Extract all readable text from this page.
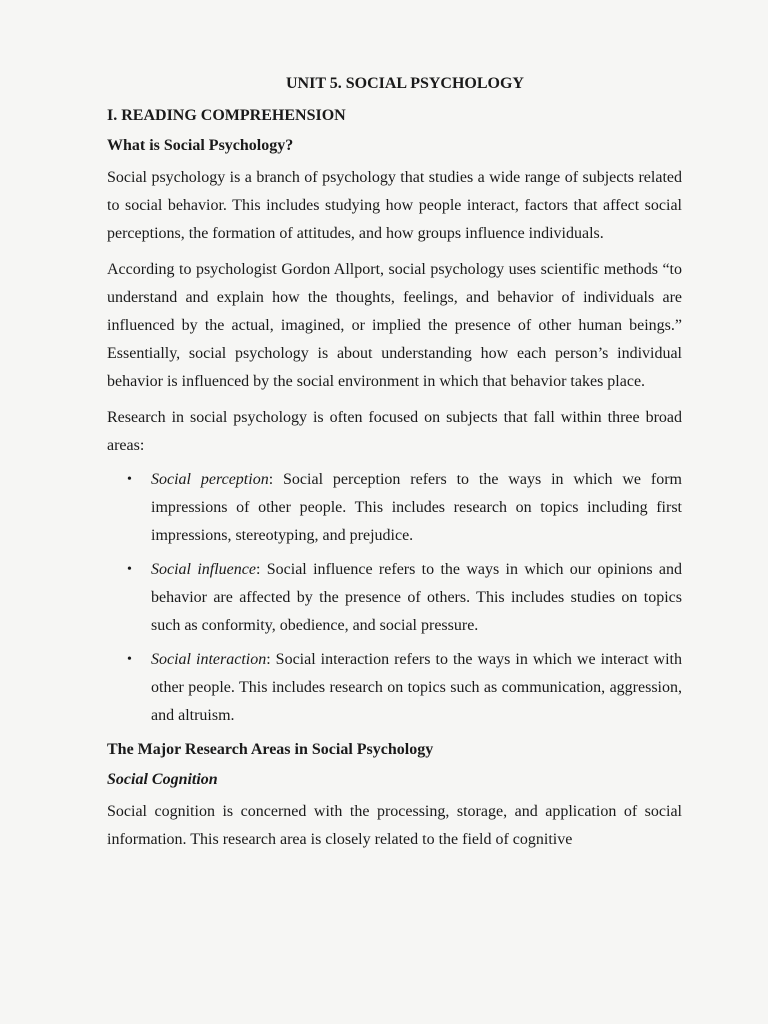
UNIT 5. SOCIAL PSYCHOLOGY
I. READING COMPREHENSION
What is Social Psychology?

Social psychology is a branch of psychology that studies a wide range of subjects related to social behavior. This includes studying how people interact, factors that affect social perceptions, the formation of attitudes, and how groups influence individuals.

According to psychologist Gordon Allport, social psychology uses scientific methods “to understand and explain how the thoughts, feelings, and behavior of individuals are influenced by the actual, imagined, or implied the presence of other human beings.” Essentially, social psychology is about understanding how each person’s individual behavior is influenced by the social environment in which that behavior takes place.

Research in social psychology is often focused on subjects that fall within three broad areas:

• Social perception: Social perception refers to the ways in which we form impressions of other people. This includes research on topics including first impressions, stereotyping, and prejudice.
• Social influence: Social influence refers to the ways in which our opinions and behavior are affected by the presence of others. This includes studies on topics such as conformity, obedience, and social pressure.
• Social interaction: Social interaction refers to the ways in which we interact with other people. This includes research on topics such as communication, aggression, and altruism.
The Major Research Areas in Social Psychology
Social Cognition

Social cognition is concerned with the processing, storage, and application of social information. This research area is closely related to the field of cognitive
